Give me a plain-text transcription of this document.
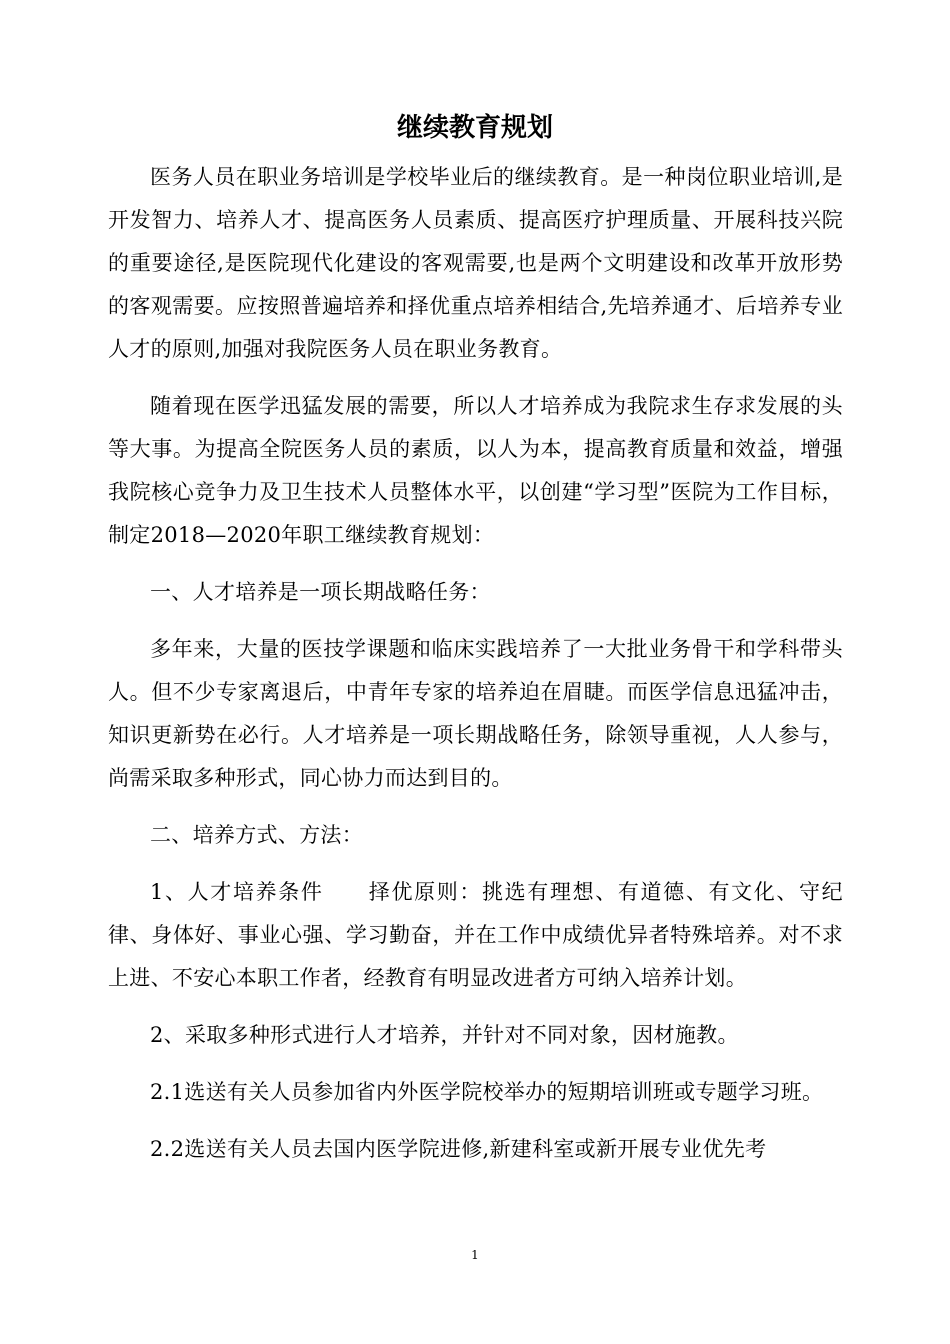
继续教育规划

医务人员在职业务培训是学校毕业后的继续教育。是一种岗位职业培训,是开发智力、培养人才、提高医务人员素质、提高医疗护理质量、开展科技兴院的重要途径,是医院现代化建设的客观需要,也是两个文明建设和改革开放形势的客观需要。应按照普遍培养和择优重点培养相结合,先培养通才、后培养专业人才的原则,加强对我院医务人员在职业务教育。

随着现在医学迅猛发展的需要，所以人才培养成为我院求生存求发展的头等大事。为提高全院医务人员的素质，以人为本，提高教育质量和效益，增强我院核心竞争力及卫生技术人员整体水平，以创建“学习型”医院为工作目标，制定2018—2020年职工继续教育规划：

一、人才培养是一项长期战略任务：

多年来，大量的医技学课题和临床实践培养了一大批业务骨干和学科带头人。但不少专家离退后，中青年专家的培养迫在眉睫。而医学信息迅猛冲击，知识更新势在必行。人才培养是一项长期战略任务，除领导重视，人人参与，尚需采取多种形式，同心协力而达到目的。

二、培养方式、方法：

1、人才培养条件　　择优原则：挑选有理想、有道德、有文化、守纪律、身体好、事业心强、学习勤奋，并在工作中成绩优异者特殊培养。对不求上进、不安心本职工作者，经教育有明显改进者方可纳入培养计划。

2、采取多种形式进行人才培养，并针对不同对象，因材施教。

2.1选送有关人员参加省内外医学院校举办的短期培训班或专题学习班。

2.2选送有关人员去国内医学院进修,新建科室或新开展专业优先考

1
